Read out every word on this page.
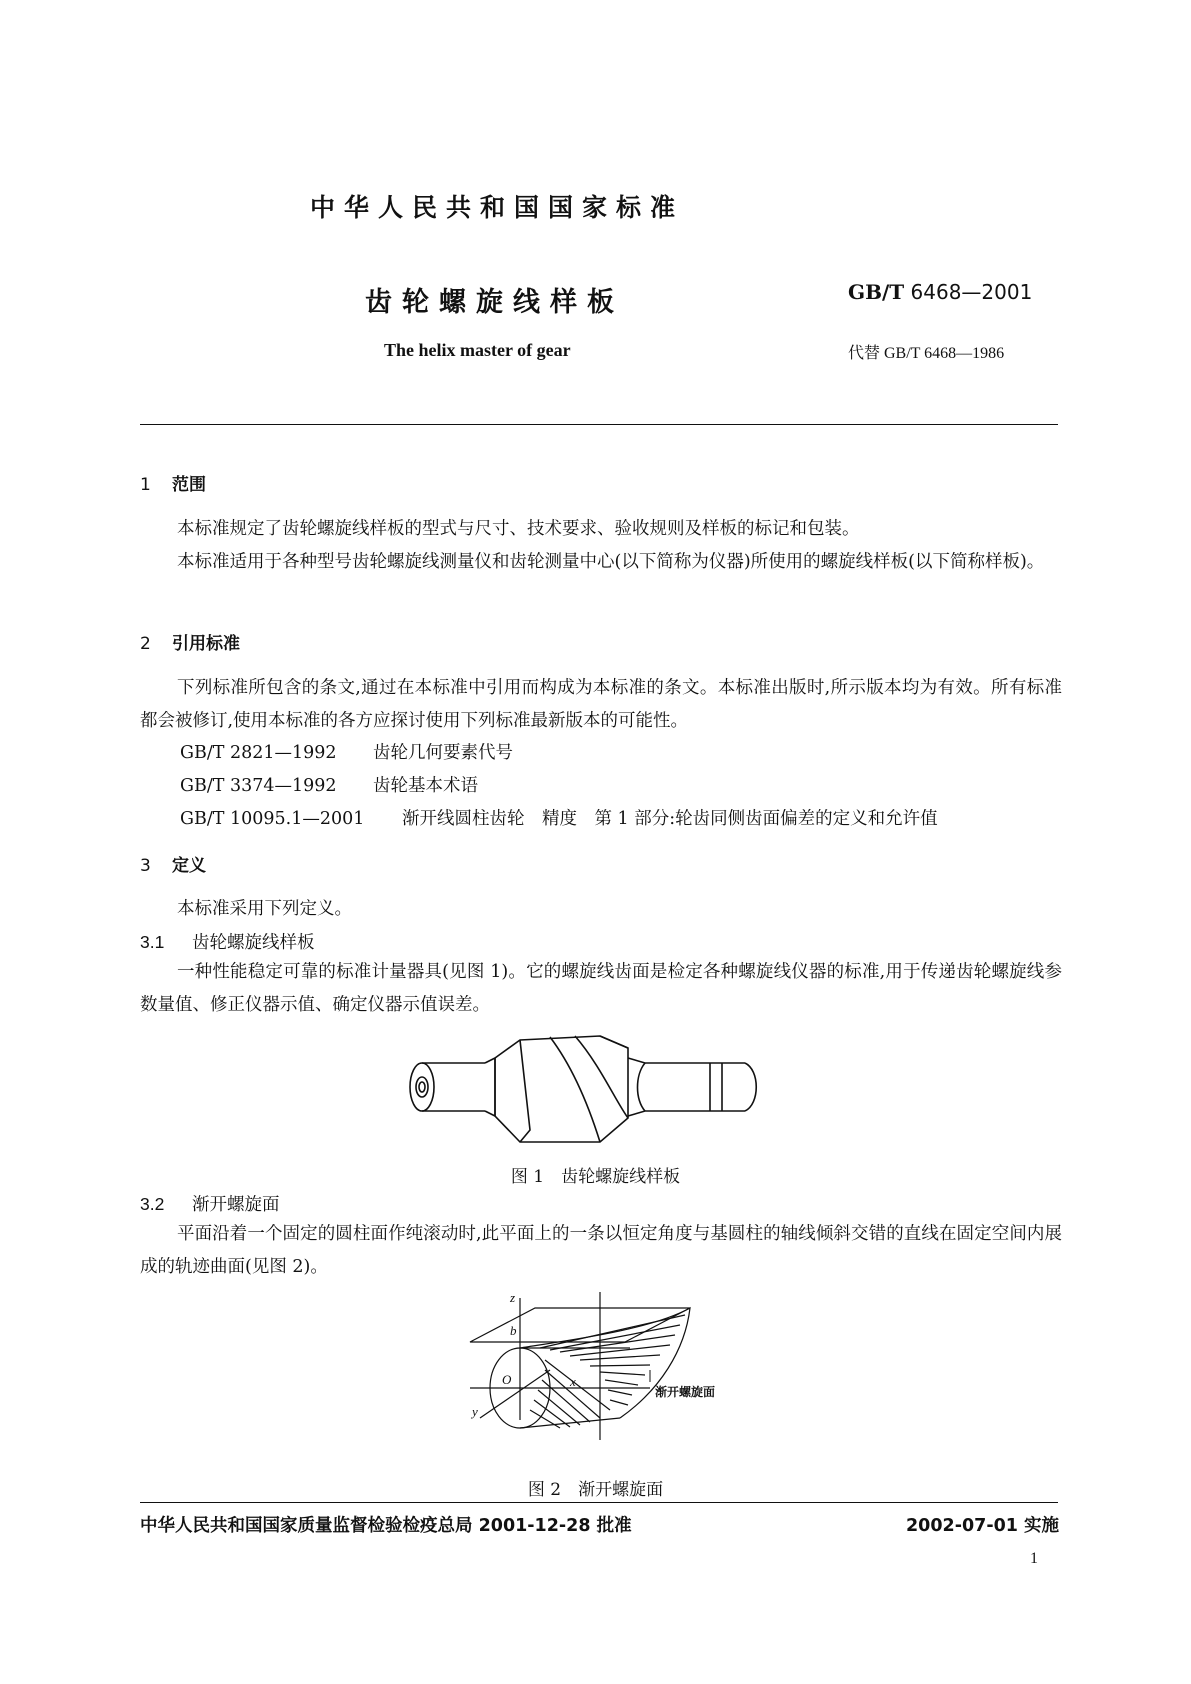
中华人民共和国国家标准
齿轮螺旋线样板	GB/T 6468—2001
The helix master of gear	代替 GB/T 6468—1986
1 范围

本标准规定了齿轮螺旋线样板的型式与尺寸、技术要求、验收规则及样板的标记和包装。

本标准适用于各种型号齿轮螺旋线测量仪和齿轮测量中心(以下简称为仪器)所使用的螺旋线样板(以下简称样板)。

2 引用标准

下列标准所包含的条文,通过在本标准中引用而构成为本标准的条文。本标准出版时,所示版本均为有效。所有标准都会被修订,使用本标准的各方应探讨使用下列标准最新版本的可能性。

GB/T 2821—1992 齿轮几何要素代号
GB/T 3374—1992 齿轮基本术语
GB/T 10095.1—2001 渐开线圆柱齿轮　精度　第 1 部分:轮齿同侧齿面偏差的定义和允许值
3 定义

本标准采用下列定义。

3.1 齿轮螺旋线样板

一种性能稳定可靠的标准计量器具(见图 1)。它的螺旋线齿面是检定各种螺旋线仪器的标准,用于传递齿轮螺旋线参数量值、修正仪器示值、确定仪器示值误差。

图 1　齿轮螺旋线样板
3.2 渐开螺旋面

平面沿着一个固定的圆柱面作纯滚动时,此平面上的一条以恒定角度与基圆柱的轴线倾斜交错的直线在固定空间内展成的轨迹曲面(见图 2)。

z
b
O	x
y
渐开螺旋面
图 2　渐开螺旋面
中华人民共和国国家质量监督检验检疫总局 2001-12-28 批准	2002-07-01 实施
1
